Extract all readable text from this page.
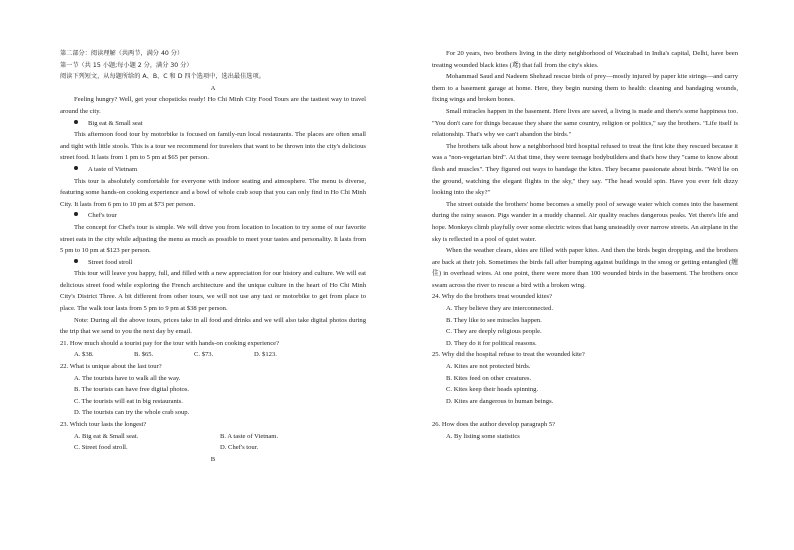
第二部分：阅读理解（共两节，满分 40 分）

第一节（共 15 小题;每小题 2 分，满分 30 分）

阅读下列短文，从每题所给的 A、B、C 和 D 四个选项中，选出最佳选项。

A

Feeling hungry? Well, get your chopsticks ready! Ho Chi Minh City Food Tours are the tastiest way to travel around the city.

Big eat & Small seat

This afternoon food tour by motorbike is focused on family-run local restaurants. The places are often small and tight with little stools. This is a tour we recommend for travelers that want to be thrown into the city's delicious street food. It lasts from 1 pm to 5 pm at $65 per person.

A taste of Vietnam

This tour is absolutely comfortable for everyone with indoor seating and atmosphere. The menu is diverse, featuring some hands-on cooking experience and a bowl of whole crab soup that you can only find in Ho Chi Minh City. It lasts from 6 pm to 10 pm at $73 per person.

Chef's tour

The concept for Chef's tour is simple. We will drive you from location to location to try some of our favorite street eats in the city while adjusting the menu as much as possible to meet your tastes and personality. It lasts from 5 pm to 10 pm at $123 per person.

Street food stroll

This tour will leave you happy, full, and filled with a new appreciation for our history and culture. We will eat delicious street food while exploring the French architecture and the unique culture in the heart of Ho Chi Minh City's District Three. A bit different from other tours, we will not use any taxi or motorbike to get from place to place. The walk tour lasts from 5 pm to 9 pm at $38 per person.

Note: During all the above tours, prices take in all food and drinks and we will also take digital photos during the trip that we send to you the next day by email.

21. How much should a tourist pay for the tour with hands-on cooking experience?

A. $38.	B. $65.	C. $73.	D. $123.

22. What is unique about the last tour?

A. The tourists have to walk all the way.

B. The tourists can have free digital photos.

C. The tourists will eat in big restaurants.

D. The tourists can try the whole crab soup.

23. Which tour lasts the longest?

A. Big eat & Small seat.	B. A taste of Vietnam.
C. Street food stroll.	D. Chef's tour.

B

For 20 years, two brothers living in the dirty neighborhood of Wazirabad in India's capital, Delhi, have been treating wounded black kites (鸢) that fall from the city's skies.

Mohammad Saud and Nadeem Shehzad rescue birds of prey—mostly injured by paper kite strings—and carry them to a basement garage at home. Here, they begin nursing them to health: cleaning and bandaging wounds, fixing wings and broken bones.

Small miracles happen in the basement. Here lives are saved, a living is made and there's some happiness too. "You don't care for things because they share the same country, religion or politics," say the brothers. "Life itself is relationship. That's why we can't abandon the birds."

The brothers talk about how a neighborhood bird hospital refused to treat the first kite they rescued because it was a "non-vegetarian bird". At that time, they were teenage bodybuilders and that's how they "came to know about flesh and muscles". They figured out ways to bandage the kites. They became passionate about birds. "We'd lie on the ground, watching the elegant flights in the sky," they say. "The head would spin. Have you ever felt dizzy looking into the sky?"

The street outside the brothers' home becomes a smelly pool of sewage water which comes into the basement during the rainy season. Pigs wander in a muddy channel. Air quality reaches dangerous peaks. Yet there's life and hope. Monkeys climb playfully over some electric wires that hang unsteadily over narrow streets. An airplane in the sky is reflected in a pool of quiet water.

When the weather clears, skies are filled with paper kites. And then the birds begin dropping, and the brothers are back at their job. Sometimes the birds fall after bumping against buildings in the smog or getting entangled (缠住) in overhead wires. At one point, there were more than 100 wounded birds in the basement. The brothers once swam across the river to rescue a bird with a broken wing.

24. Why do the brothers treat wounded kites?

A. They believe they are interconnected.

B. They like to see miracles happen.

C. They are deeply religious people.

D. They do it for political reasons.

25. Why did the hospital refuse to treat the wounded kite?

A. Kites are not protected birds.

B. Kites feed on other creatures.

C. Kites keep their heads spinning.

D. Kites are dangerous to human beings.

26. How does the author develop paragraph 5?

A. By listing some statistics
